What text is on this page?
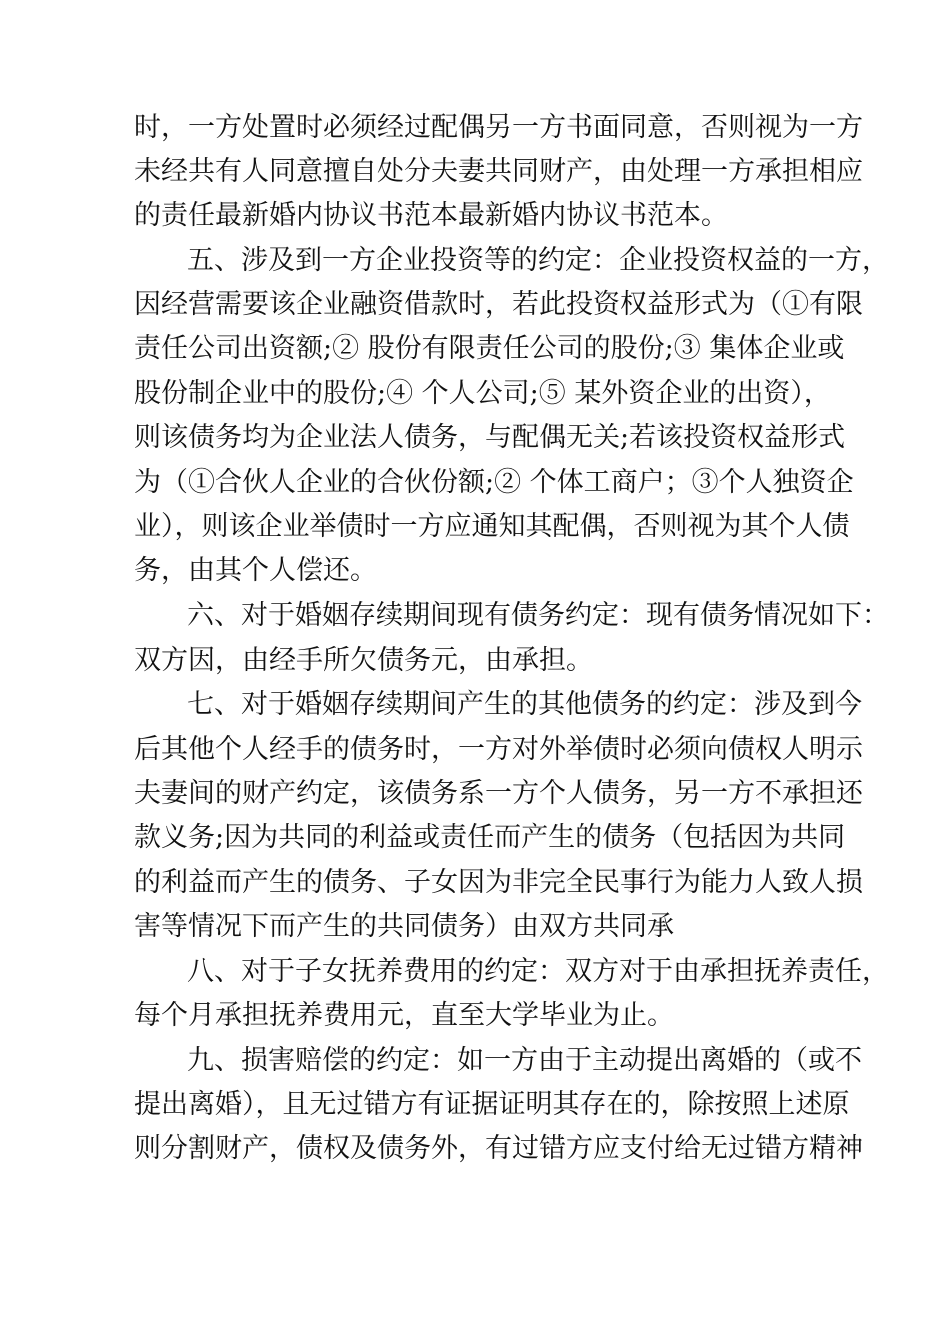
时，一方处置时必须经过配偶另一方书面同意，否则视为一方
未经共有人同意擅自处分夫妻共同财产，由处理一方承担相应
的责任最新婚内协议书范本最新婚内协议书范本。
五、涉及到一方企业投资等的约定：企业投资权益的一方，
因经营需要该企业融资借款时，若此投资权益形式为（①有限
责任公司出资额;② 股份有限责任公司的股份;③ 集体企业或
股份制企业中的股份;④ 个人公司;⑤ 某外资企业的出资），
则该债务均为企业法人债务，与配偶无关;若该投资权益形式
为（①合伙人企业的合伙份额;② 个体工商户；③个人独资企
业），则该企业举债时一方应通知其配偶，否则视为其个人债
务，由其个人偿还。
六、对于婚姻存续期间现有债务约定：现有债务情况如下：
双方因，由经手所欠债务元，由承担。
七、对于婚姻存续期间产生的其他债务的约定：涉及到今
后其他个人经手的债务时，一方对外举债时必须向债权人明示
夫妻间的财产约定，该债务系一方个人债务，另一方不承担还
款义务;因为共同的利益或责任而产生的债务（包括因为共同
的利益而产生的债务、子女因为非完全民事行为能力人致人损
害等情况下而产生的共同债务）由双方共同承
八、对于子女抚养费用的约定：双方对于由承担抚养责任，
每个月承担抚养费用元，直至大学毕业为止。
九、损害赔偿的约定：如一方由于主动提出离婚的（或不
提出离婚），且无过错方有证据证明其存在的，除按照上述原
则分割财产，债权及债务外，有过错方应支付给无过错方精神
